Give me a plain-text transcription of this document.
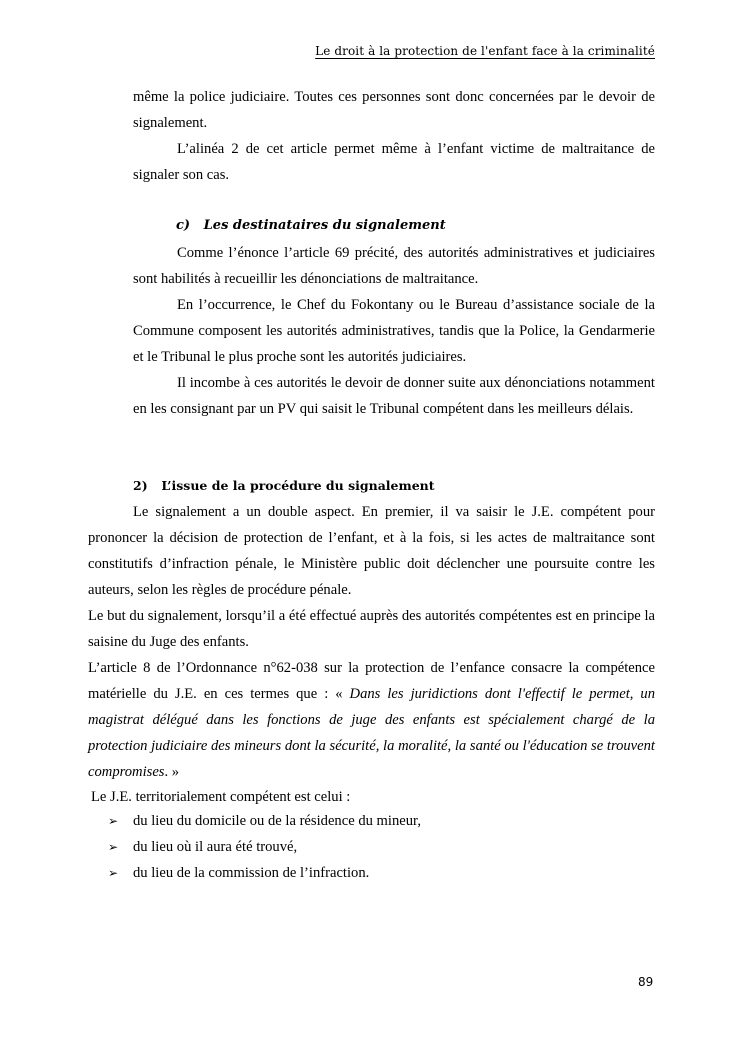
Le droit à la protection de l'enfant face à la criminalité
même la police judiciaire. Toutes ces personnes sont donc concernées par le devoir de signalement.
L’alinéa 2 de cet article permet même à l’enfant victime de maltraitance de signaler son cas.
c) Les destinataires du signalement
Comme l’énonce l’article 69 précité, des autorités administratives et judiciaires sont habilités à recueillir les dénonciations de maltraitance.
En l’occurrence, le Chef du Fokontany ou le Bureau d’assistance sociale de la Commune composent les autorités administratives, tandis que la Police, la Gendarmerie et le Tribunal le plus proche sont les autorités judiciaires.
Il incombe à ces autorités le devoir de donner suite aux dénonciations notamment en les consignant par un PV qui saisit le Tribunal compétent dans les meilleurs délais.
2) L’issue de la procédure du signalement
Le signalement a un double aspect. En premier, il va saisir le J.E. compétent pour prononcer la décision de protection de l’enfant, et à la fois, si les actes de maltraitance sont constitutifs d’infraction pénale, le Ministère public doit déclencher une poursuite contre les auteurs, selon les règles de procédure pénale.
Le but du signalement, lorsqu’il a été effectué auprès des autorités compétentes est en principe la saisine du Juge des enfants.
L’article 8 de l’Ordonnance n°62-038 sur la protection de l’enfance consacre la compétence matérielle du J.E. en ces termes que : « Dans les juridictions dont l'effectif le permet, un magistrat délégué dans les fonctions de juge des enfants est spécialement chargé de la protection judiciaire des mineurs dont la sécurité, la moralité, la santé ou l'éducation se trouvent compromises. »
Le J.E. territorialement compétent est celui :
➢	du lieu du domicile ou de la résidence du mineur,
➢	du lieu où il aura été trouvé,
➢	du lieu de la commission de l’infraction.
89
